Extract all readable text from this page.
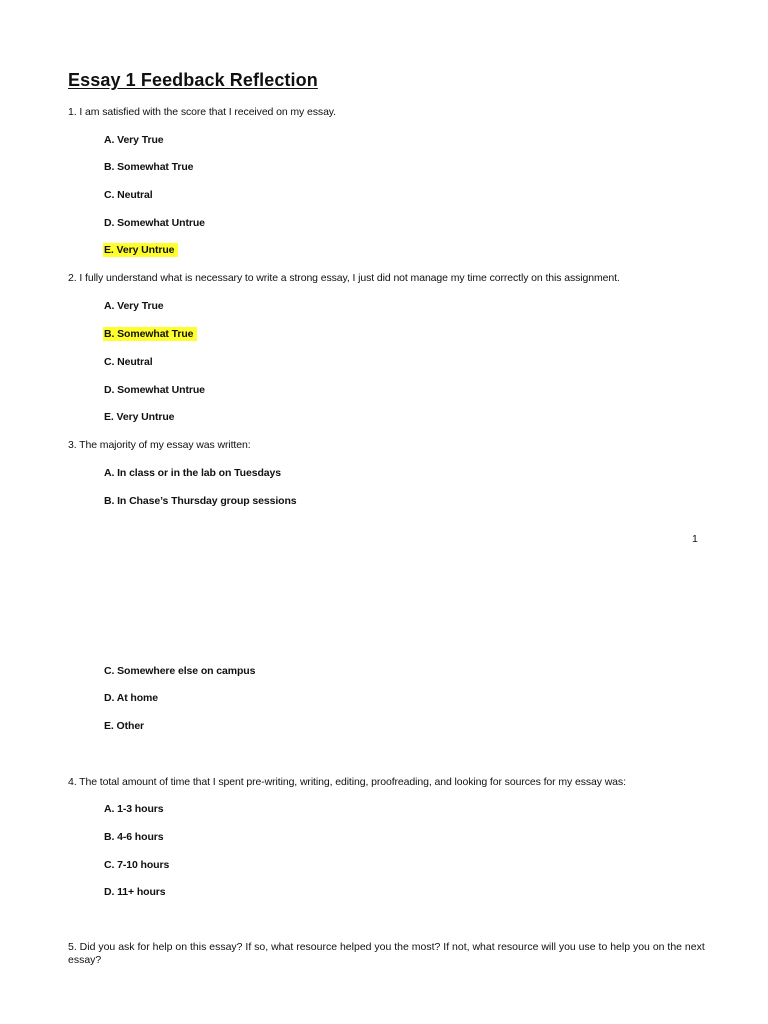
Essay 1 Feedback Reflection
1. I am satisfied with the score that I received on my essay.
A. Very True
B. Somewhat True
C. Neutral
D. Somewhat Untrue
E. Very Untrue
2. I fully understand what is necessary to write a strong essay, I just did not manage my time correctly on this assignment.
A. Very True
B. Somewhat True
C. Neutral
D. Somewhat Untrue
E. Very Untrue
3. The majority of my essay was written:
A. In class or in the lab on Tuesdays
B. In Chase’s Thursday group sessions
1
C. Somewhere else on campus
D. At home
E. Other
4. The total amount of time that I spent pre-writing, writing, editing, proofreading, and looking for sources for my essay was:
A. 1-3 hours
B. 4-6 hours
C. 7-10 hours
D. 11+ hours
5. Did you ask for help on this essay? If so, what resource helped you the most? If not, what resource will you use to help you on the next essay?
